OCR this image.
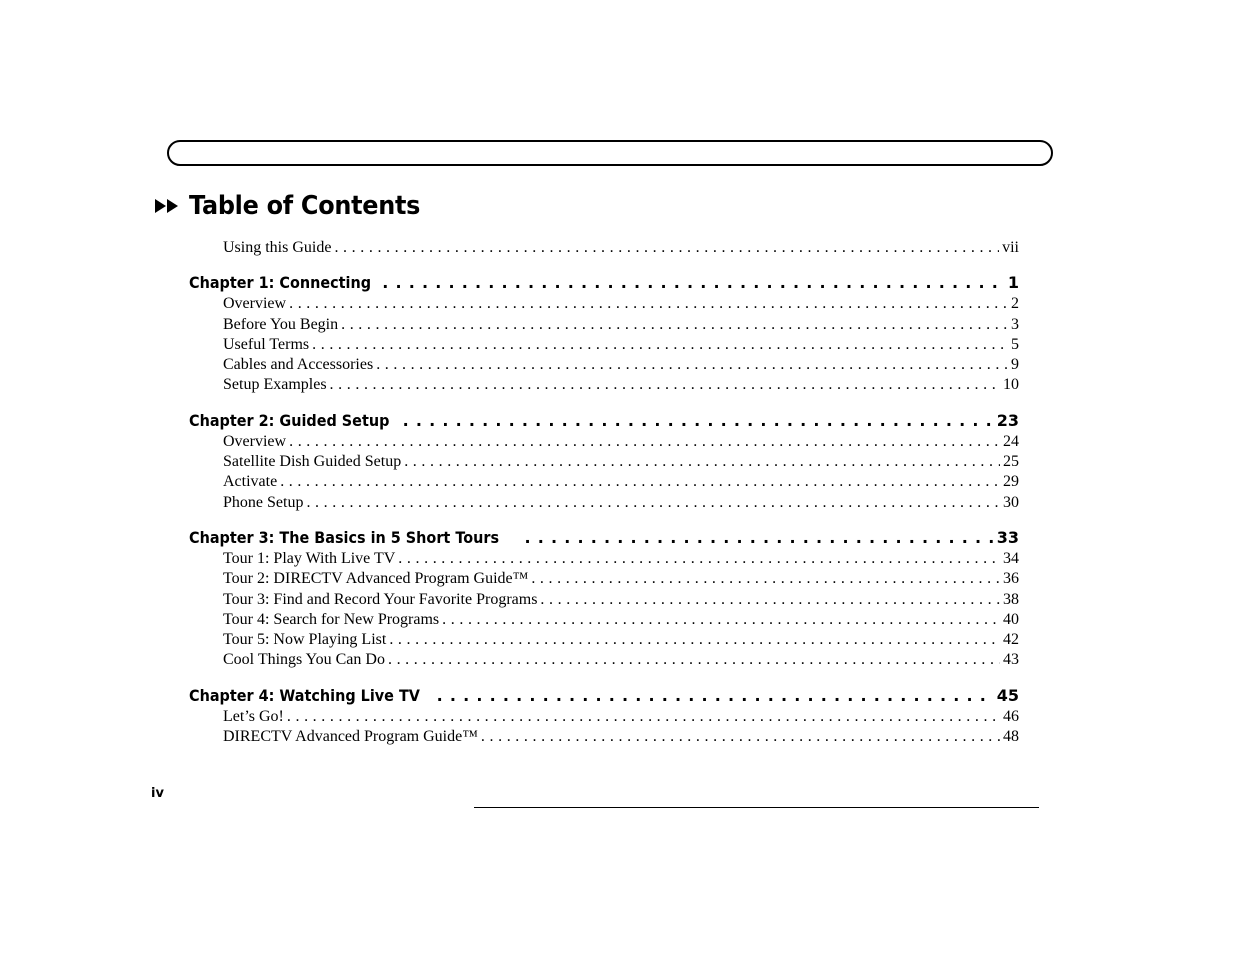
Table of Contents
Using this Guide . . .	vii
Chapter 1: Connecting . . .	1
Overview . . .	2
Before You Begin . . .	3
Useful Terms . . .	5
Cables and Accessories . . .	9
Setup Examples . . .	10
Chapter 2: Guided Setup . . .	23
Overview . . .	24
Satellite Dish Guided Setup . . .	25
Activate . . .	29
Phone Setup . . .	30
Chapter 3: The Basics in 5 Short Tours . . .	33
Tour 1: Play With Live TV . . .	34
Tour 2: DIRECTV Advanced Program Guide™ . . .	36
Tour 3: Find and Record Your Favorite Programs . . .	38
Tour 4: Search for New Programs . . .	40
Tour 5: Now Playing List . . .	42
Cool Things You Can Do . . .	43
Chapter 4: Watching Live TV . . .	45
Let’s Go! . . .	46
DIRECTV Advanced Program Guide™ . . .	48
iv
